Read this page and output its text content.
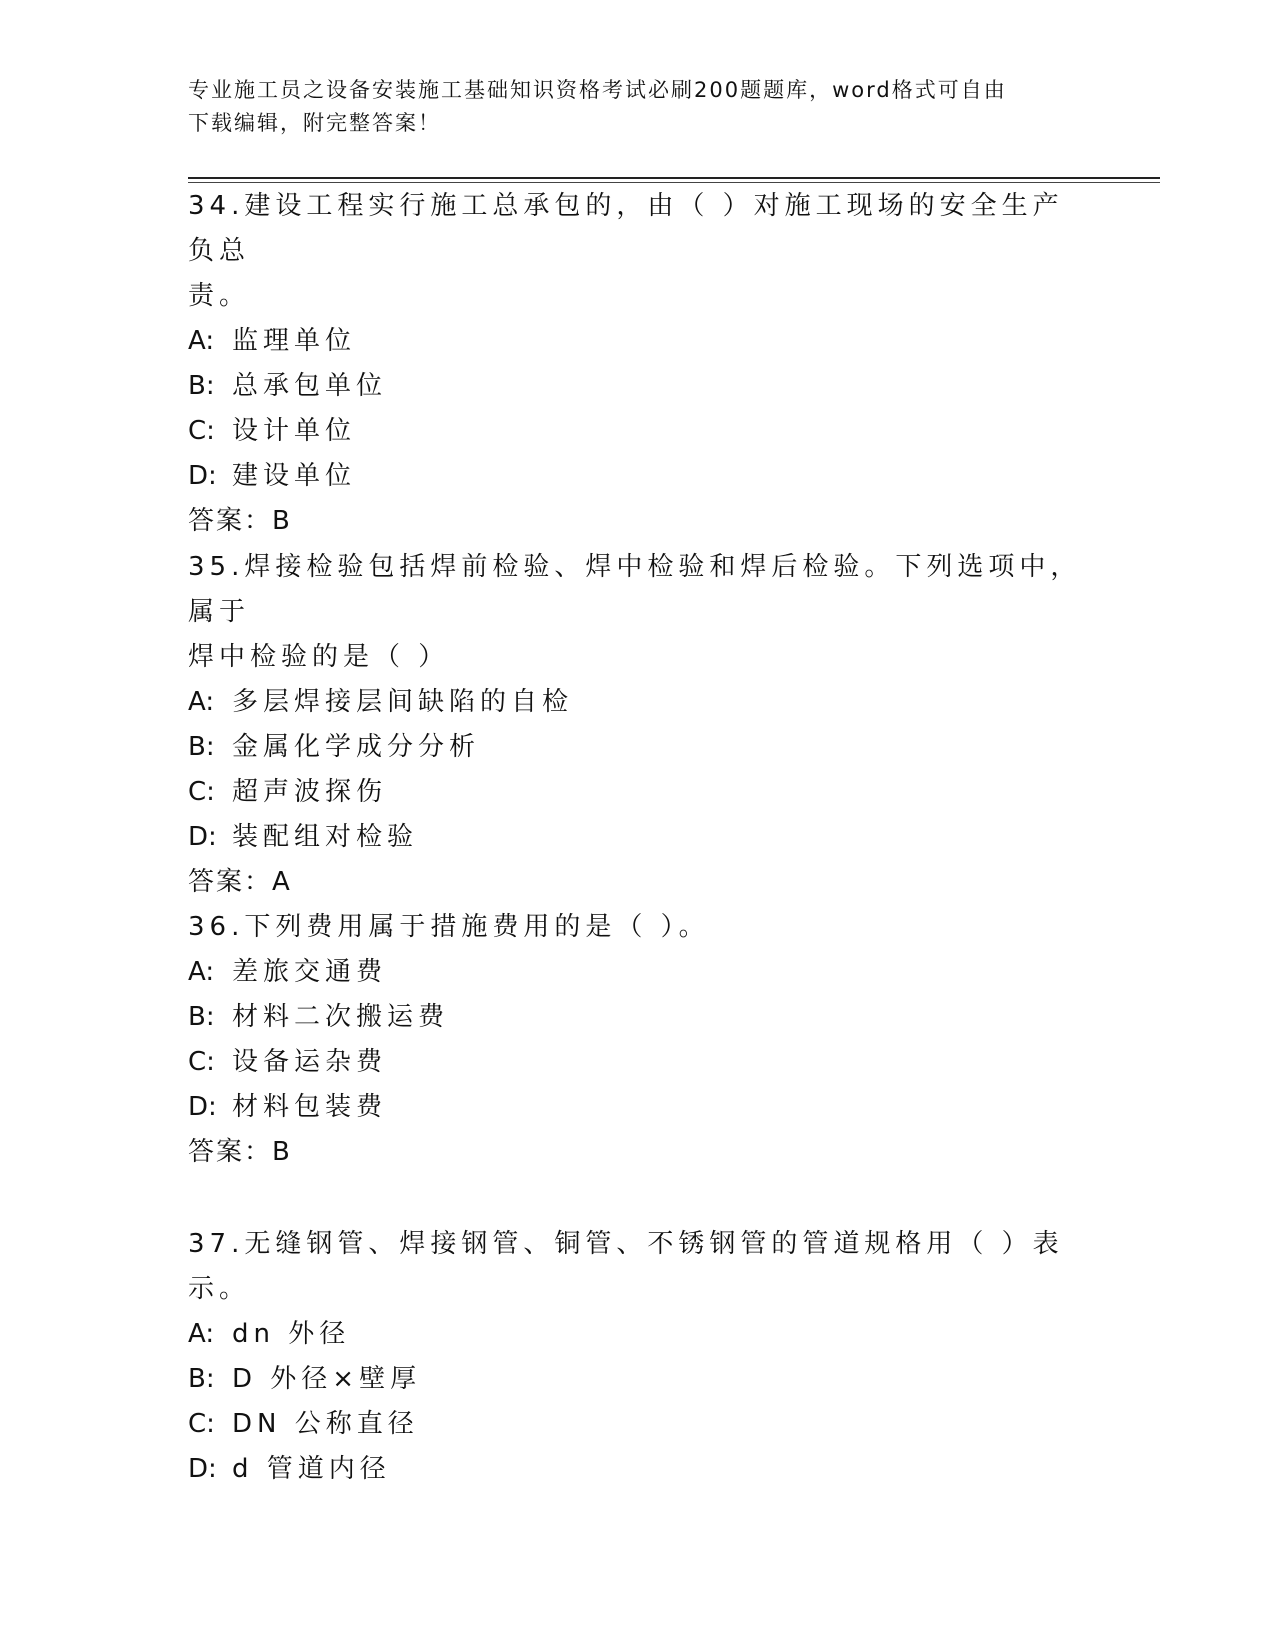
专业施工员之设备安装施工基础知识资格考试必刷200题题库，word格式可自由
下载编辑，附完整答案！

34.建设工程实行施工总承包的，由（ ）对施工现场的安全生产负总

责。

A: 监理单位

B: 总承包单位

C: 设计单位

D: 建设单位

答案：B

35.焊接检验包括焊前检验、焊中检验和焊后检验。下列选项中，属于

焊中检验的是（ ）

A: 多层焊接层间缺陷的自检

B: 金属化学成分分析

C: 超声波探伤

D: 装配组对检验

答案：A

36.下列费用属于措施费用的是（ ）。

A: 差旅交通费

B: 材料二次搬运费

C: 设备运杂费

D: 材料包装费

答案：B

37.无缝钢管、焊接钢管、铜管、不锈钢管的管道规格用（ ）表示。

A: dn 外径

B: D 外径×壁厚

C: DN 公称直径

D: d 管道内径
